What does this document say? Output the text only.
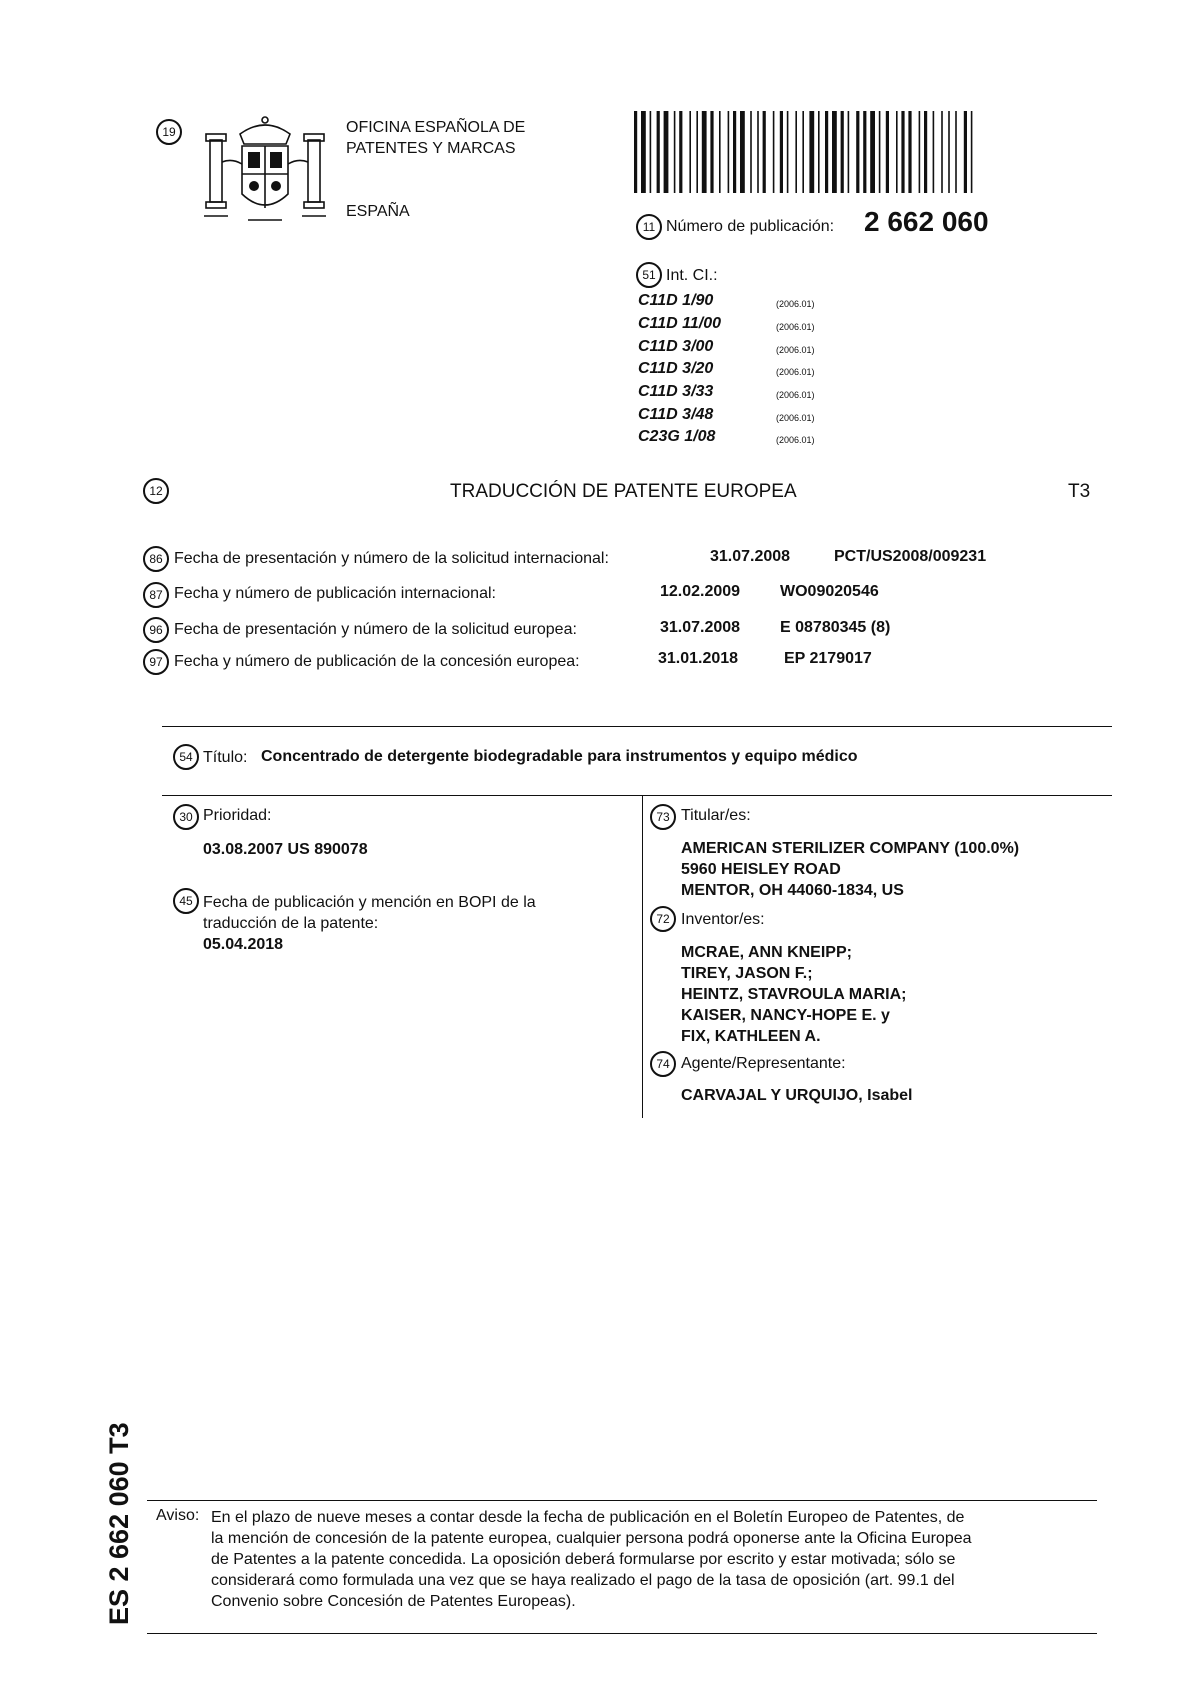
19	OFICINA ESPAÑOLA DE
PATENTES Y MARCAS
ESPAÑA
11 Número de publicación: 2 662 060
51 Int. CI.:
C11D 1/90	(2006.01)
C11D 11/00	(2006.01)
C11D 3/00	(2006.01)
C11D 3/20	(2006.01)
C11D 3/33	(2006.01)
C11D 3/48	(2006.01)
C23G 1/08	(2006.01)
12	TRADUCCIÓN DE PATENTE EUROPEA	T3
86 Fecha de presentación y número de la solicitud internacional:	31.07.2008	PCT/US2008/009231
87 Fecha y número de publicación internacional:	12.02.2009 WO09020546
96 Fecha de presentación y número de la solicitud europea:	31.07.2008 E 08780345 (8)
97 Fecha y número de publicación de la concesión europea:	31.01.2018	EP 2179017
54 Título: Concentrado de detergente biodegradable para instrumentos y equipo médico
30 Prioridad:
03.08.2007 US 890078
45 Fecha de publicación y mención en BOPI de la
traducción de la patente:
05.04.2018
73 Titular/es:
AMERICAN STERILIZER COMPANY (100.0%)
5960 HEISLEY ROAD
MENTOR, OH 44060-1834, US
72 Inventor/es:
MCRAE, ANN KNEIPP;
TIREY, JASON F.;
HEINTZ, STAVROULA MARIA;
KAISER, NANCY-HOPE E. y
FIX, KATHLEEN A.
74 Agente/Representante:
CARVAJAL Y URQUIJO, Isabel
ES 2 662 060 T3 Aviso: En el plazo de nueve meses a contar desde la fecha de publicación en el Boletín Europeo de Patentes, de
la mención de concesión de la patente europea, cualquier persona podrá oponerse ante la Oficina Europea
de Patentes a la patente concedida. La oposición deberá formularse por escrito y estar motivada; sólo se
considerará como formulada una vez que se haya realizado el pago de la tasa de oposición (art. 99.1 del
Convenio sobre Concesión de Patentes Europeas).
